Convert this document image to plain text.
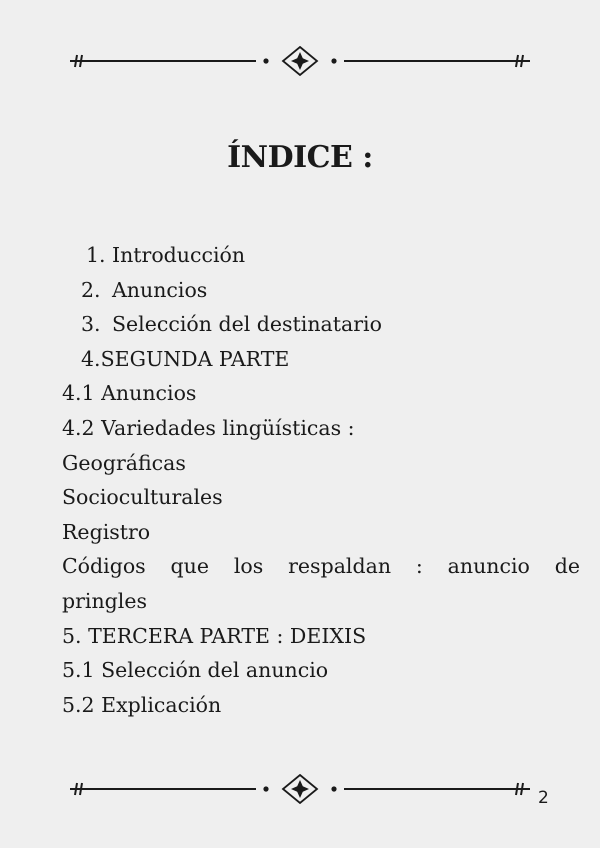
ÍNDICE :
1. Introducción
2. Anuncios
3. Selección del destinatario
4. SEGUNDA PARTE
4.1 Anuncios
4.2 Variedades lingüísticas :
Geográficas
Socioculturales
Registro
Códigos que los respaldan : anuncio de
pringles
5. TERCERA PARTE : DEIXIS
5.1 Selección del anuncio
5.2 Explicación
2
